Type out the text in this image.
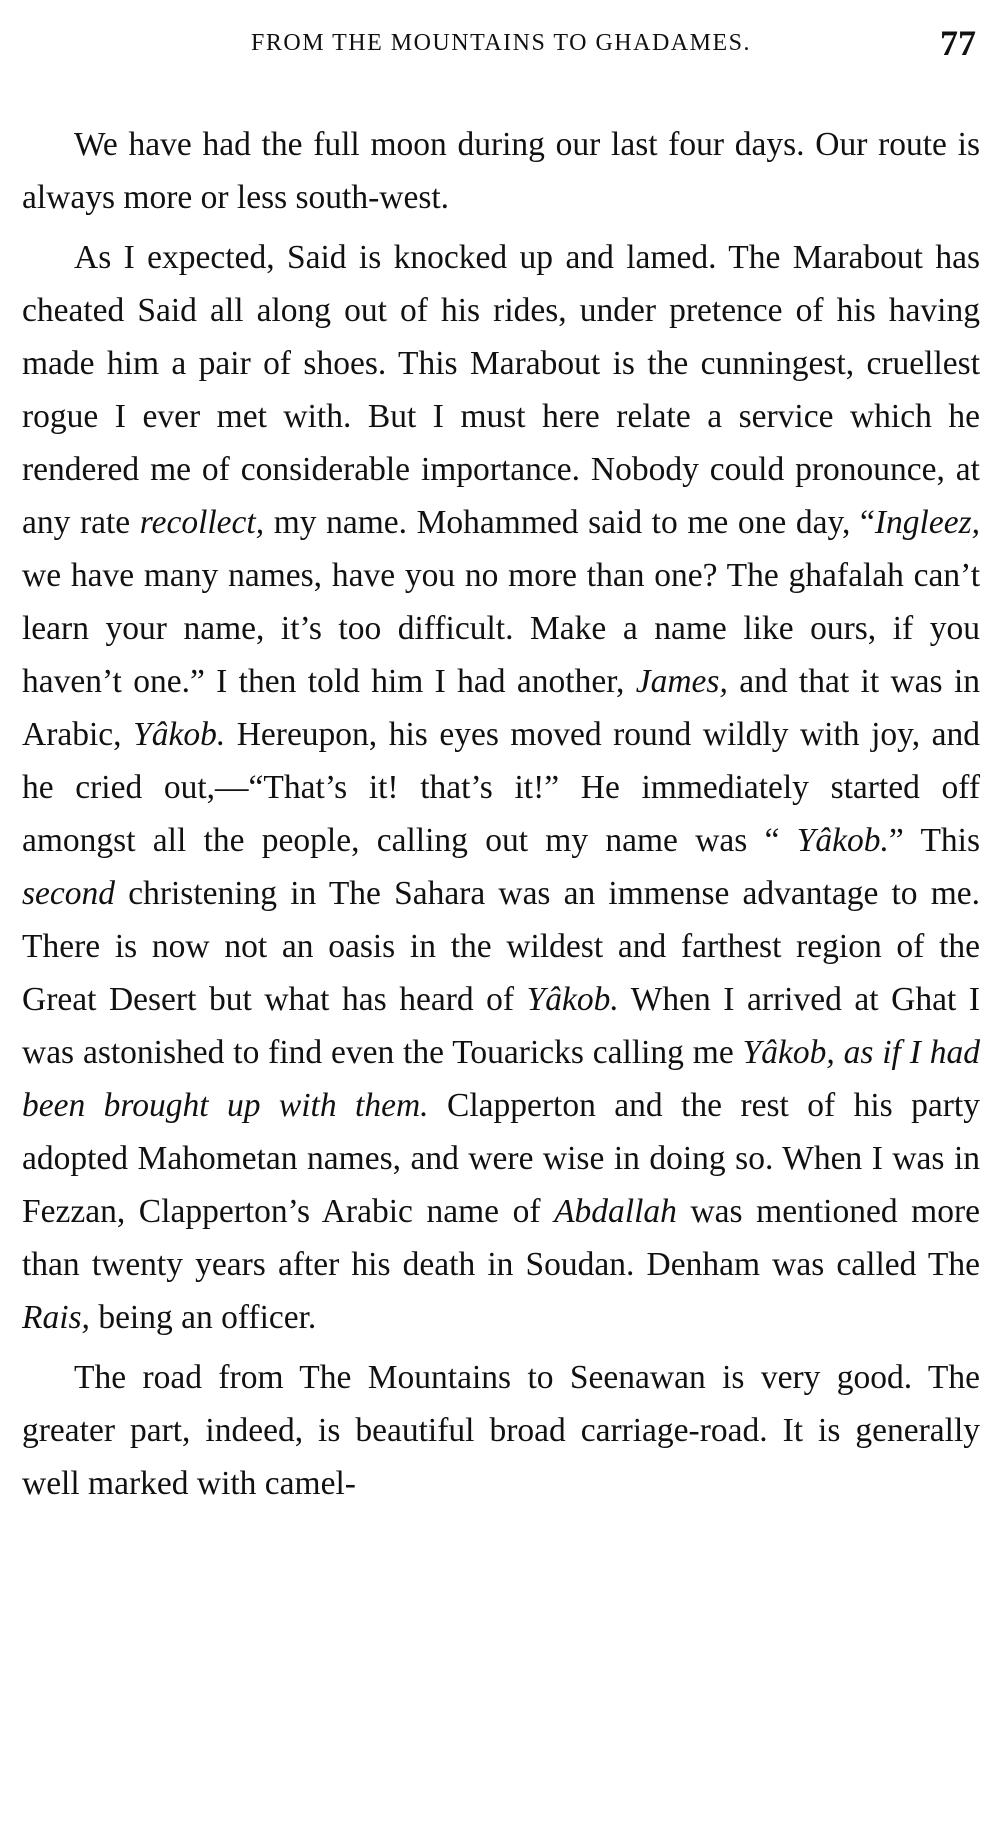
FROM THE MOUNTAINS TO GHADAMES.	77

We have had the full moon during our last four days. Our route is always more or less south-west.

As I expected, Said is knocked up and lamed. The Marabout has cheated Said all along out of his rides, under pretence of his having made him a pair of shoes. This Marabout is the cunningest, cruellest rogue I ever met with. But I must here relate a service which he rendered me of considerable importance. Nobody could pronounce, at any rate recollect, my name. Mohammed said to me one day, “Ingleez, we have many names, have you no more than one? The ghafalah can’t learn your name, it’s too difficult. Make a name like ours, if you haven’t one.” I then told him I had another, James, and that it was in Arabic, Yâkob. Hereupon, his eyes moved round wildly with joy, and he cried out,—“That’s it! that’s it!” He immediately started off amongst all the people, calling out my name was “ Yâkob.” This second christening in The Sahara was an immense advantage to me. There is now not an oasis in the wildest and farthest region of the Great Desert but what has heard of Yâkob. When I arrived at Ghat I was astonished to find even the Touaricks calling me Yâkob, as if I had been brought up with them. Clapperton and the rest of his party adopted Mahometan names, and were wise in doing so. When I was in Fezzan, Clapperton’s Arabic name of Abdallah was mentioned more than twenty years after his death in Soudan. Denham was called The Rais, being an officer.

The road from The Mountains to Seenawan is very good. The greater part, indeed, is beautiful broad carriage-road. It is generally well marked with camel-
